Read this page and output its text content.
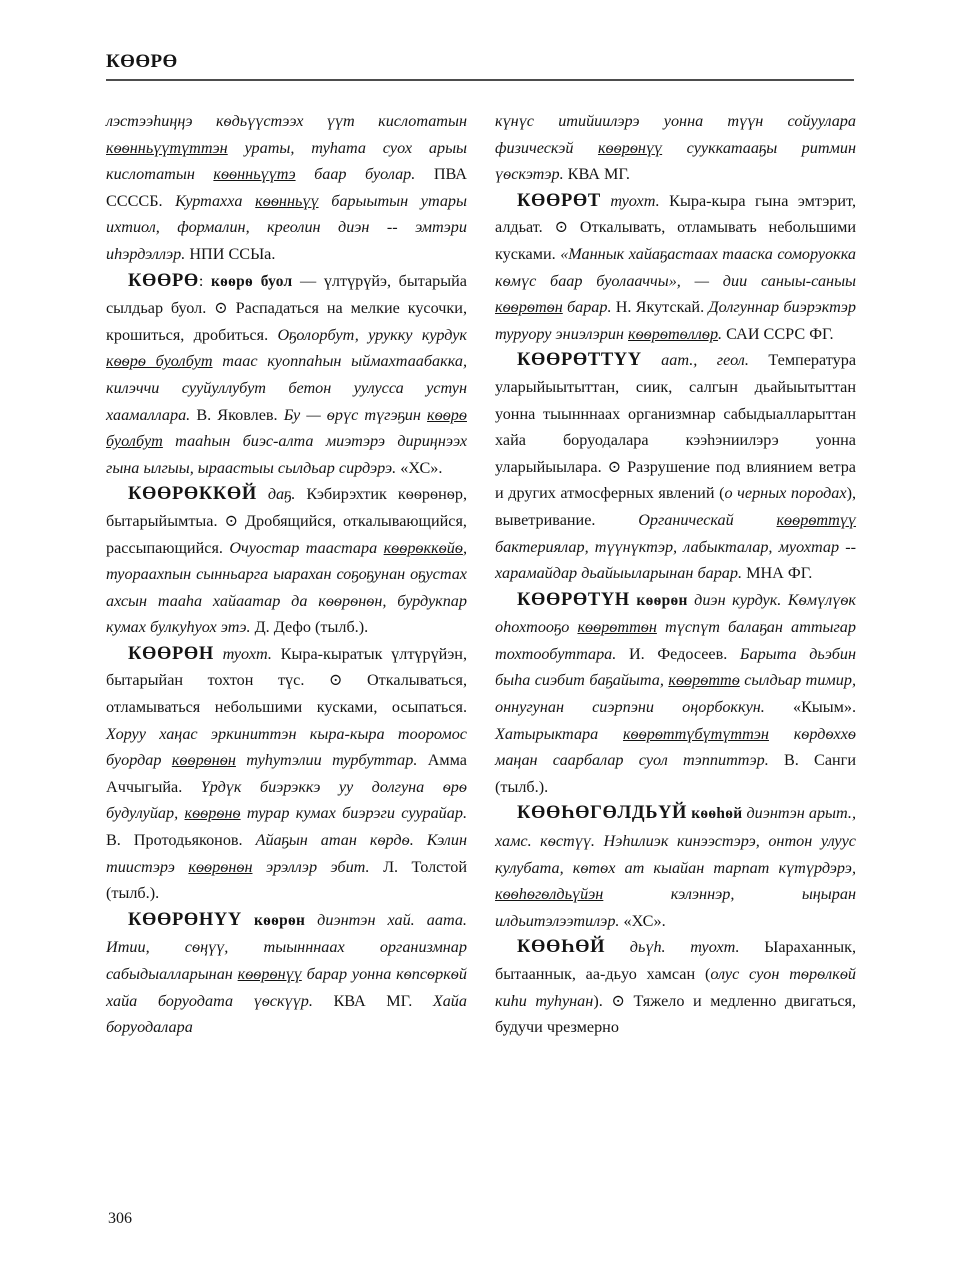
КӨӨРӨ

лэстээһиңңэ кѳдьүүстээх үүт кислотатын кѳѳнньүүтүттэн ураты, туһата суох арыы кислотатын кѳѳнньүүтэ баар буолар. ПВА СССCБ. Куртаххa кѳѳнньүү барыытын утары ихтиол, формалин, креолин диэн -- эмтэри иһэрдэллэр. НПИ ССЫа.

КӨӨРӨ: кѳѳрѳ буол — үлтүрүйэ, бытарыйа сылдьар буол. ⊙ Распадаться на мелкие кусочки, крошиться, дробиться. Оҕолорбут, урукку курдук кѳѳрѳ буолбут таас куоппаһын ыймахтаабакка, килэччи сууйуллубут бетон уулусса устун хаамаллара. В. Яковлев. Бу — ѳрүс түгэҕин кѳѳрѳ буолбут тааһын биэс-алта миэтэрэ дириңнээх гына ылгыы, ыраастыы сылдьар сирдэрэ. «ХС».

КӨӨРӨККӨЙ даҕ. Кэбирэхтик кѳѳрѳнѳр, бытарыйымтыа. ⊙ Дробящийся, откалывающийся, рассыпающийся. Очуостар таастара кѳѳрѳккѳйѳ, туораахпын сынньарга ыарахан соҕоҕунан оҕустах ахсын тааһа хайаатар да кѳѳрѳнѳн, бурдукпар кумах булкуһуох этэ. Д. Дефо (тылб.).

КӨӨРӨН туохт. Кыра-кыратык үлтүрүйэн, бытарыйан тохтон түс. ⊙ Откалываться, отламываться небольшими кусками, осыпаться. Хоруу хаңас эркиниттэн кыра-кыра тооромос буордар кѳѳрѳнѳн туһутэлии турбуттар. Амма Аччыгыйа. Үрдүк биэрэккэ уу долгуна ѳрѳ будулуйар, кѳѳрѳнѳ турар кумах биэрэги суурайар. В. Протодьяконов. Айаҕын атан кѳрдѳ. Кэлин тиистэрэ кѳѳрѳнѳн эрэллэр эбит. Л. Толстой (тылб.).

КӨӨРӨНҮҮ кѳѳрѳн диэнтэн хай. аата. Итии, сѳңүү, тыынннаах организмнар сабыдыалларынан кѳѳрѳнүү барар уонна кѳпсѳркѳй хайа боруодата үѳскүүр. КВА МГ. Хайа боруодалара

күнүс итийиилэрэ уонна түүн сойуулара физическэй кѳѳрѳнүү сууккатааҕы ритмин үѳскэтэр. КВА МГ.

КӨӨРӨТ туохт. Кыра-кыра гына эмтэрит, алдьат. ⊙ Откалывать, отламывать небольшими кусками. «Маннык хайаҕастаах тааска соморуокка кѳмүс баар буолааччы», — дии саныы-саныы кѳѳрѳтѳн барар. Н. Якутскай. Долгуннар биэрэктэр туруору эниэлэрин кѳѳрѳтѳллѳр. САИ ССРС ФГ.

КӨӨРӨТТҮҮ аат., геол. Температура уларыйыытыттан, сиик, салгын дьайыытыттан уонна тыынннаах организмнар сабыдыалларыттан хайа боруодалара кээһэниилэрэ уонна уларыйыылара. ⊙ Разрушение под влиянием ветра и других атмосферных явлений (о черных породах), выветривание. Органическай кѳѳрѳттүү бактериялар, түүнүктэр, лабыкталар, муохтар -- харамайдар дьайыыларынан барар. МНА ФГ.

КӨӨРӨТҮН кѳѳрѳн диэн курдук. Кѳмүлүѳк оһохтооҕо кѳѳрѳттѳн түспүт балаҕан аттыгар тохтообуттара. И. Федосеев. Барыта дьэбин быһа сиэбит баҕайыта, кѳѳрѳттѳ сылдьар тимир, оннугунан сиэрпэни оңорбоккун. «Кыым». Хатырыктара кѳѳрѳттүбүтүттэн кѳрдѳххѳ маңан саарбалар суол тэппиттэр. В. Санги (тылб.).

КӨӨҺӨГӨЛДЬҮЙ кѳѳһѳй диэнтэн арыт., хамс. кѳстүү. Нэһилиэк кинээстэрэ, онтон улуус кулубата, кѳтѳх ат кыайан тарпат күтүрдэрэ, кѳѳһѳгѳлдьүйэн кэлэннэр, ыңыран илдьитэлээтилэр. «ХС».

КӨӨҺӨЙ дьүһ. туохт. Ыараханнык, бытааннык, аа-дьуо хамсан (олус суон тѳрѳлкѳй киһи туһунан). ⊙ Тяжело и медленно двигаться, будучи чрезмерно

306
